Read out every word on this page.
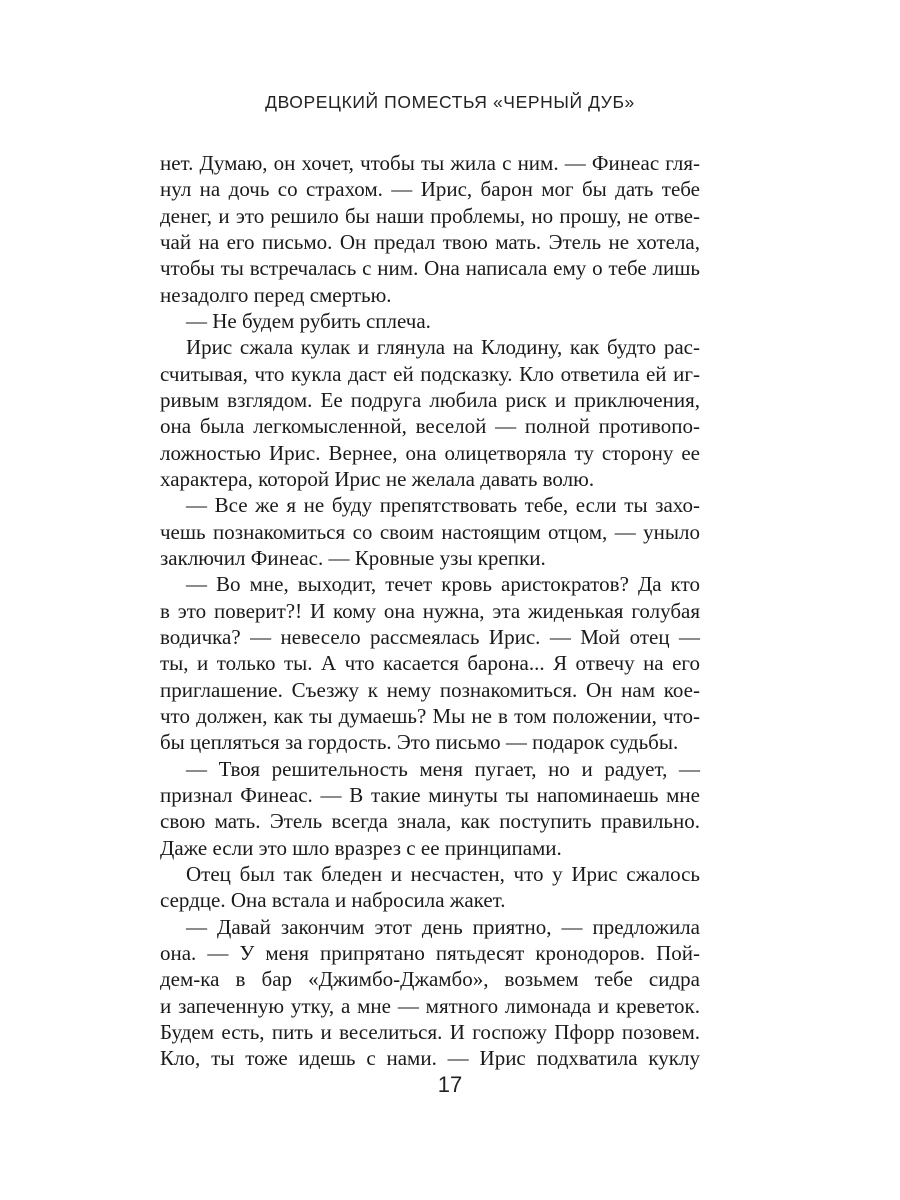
ДВОРЕЦКИЙ ПОМЕСТЬЯ «ЧЕРНЫЙ ДУБ»
нет. Думаю, он хочет, чтобы ты жила с ним. — Финеас гля-
нул на дочь со страхом. — Ирис, барон мог бы дать тебе
денег, и это решило бы наши проблемы, но прошу, не отве-
чай на его письмо. Он предал твою мать. Этель не хотела,
чтобы ты встречалась с ним. Она написала ему о тебе лишь
незадолго перед смертью.
— Не будем рубить сплеча.
Ирис сжала кулак и глянула на Клодину, как будто рас-
считывая, что кукла даст ей подсказку. Кло ответила ей иг-
ривым взглядом. Ее подруга любила риск и приключения,
она была легкомысленной, веселой — полной противопо-
ложностью Ирис. Вернее, она олицетворяла ту сторону ее
характера, которой Ирис не желала давать волю.
— Все же я не буду препятствовать тебе, если ты захо-
чешь познакомиться со своим настоящим отцом, — уныло
заключил Финеас. — Кровные узы крепки.
— Во мне, выходит, течет кровь аристократов? Да кто
в это поверит?! И кому она нужна, эта жиденькая голубая
водичка? — невесело рассмеялась Ирис. — Мой отец —
ты, и только ты. А что касается барона... Я отвечу на его
приглашение. Съезжу к нему познакомиться. Он нам кое-
что должен, как ты думаешь? Мы не в том положении, что-
бы цепляться за гордость. Это письмо — подарок судьбы.
— Твоя решительность меня пугает, но и радует, —
признал Финеас. — В такие минуты ты напоминаешь мне
свою мать. Этель всегда знала, как поступить правильно.
Даже если это шло вразрез с ее принципами.
Отец был так бледен и несчастен, что у Ирис сжалось
сердце. Она встала и набросила жакет.
— Давай закончим этот день приятно, — предложила
она. — У меня припрятано пятьдесят кронодоров. Пой-
дем-ка в бар «Джимбо-Джамбо», возьмем тебе сидра
и запеченную утку, а мне — мятного лимонада и креветок.
Будем есть, пить и веселиться. И госпожу Пфорр позовем.
Кло, ты тоже идешь с нами. — Ирис подхватила куклу
17
